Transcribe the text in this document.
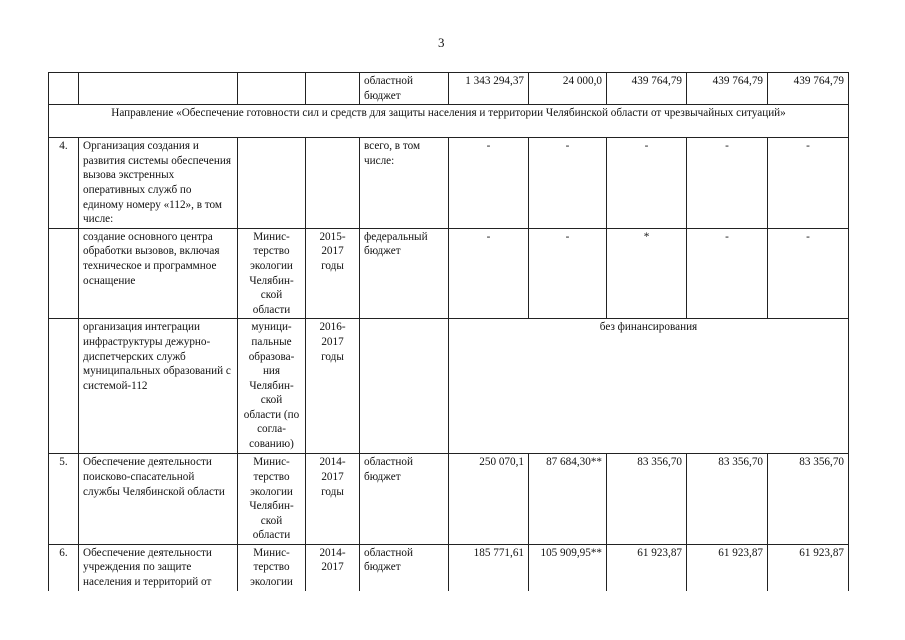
3
				областной бюджет	1 343 294,37	24 000,0	439 764,79	439 764,79	439 764,79
Направление «Обеспечение готовности сил и средств для защиты населения и территории Челябинской области от чрезвычайных ситуаций»									
4.	Организация создания и развития системы обеспечения вызова экстренных оперативных служб по единому номеру «112», в том числе:			всего, в том числе:	-	-	-	-	-
	создание основного центра обработки вызовов, включая техническое и программное оснащение	Минис-терство экологии Челябин-ской области	2015-2017 годы	федеральный бюджет	-	-	*	-	-
	организация интеграции инфраструктуры дежурно-диспетчерских служб муниципальных образований с системой-112	муници-пальные образова-ния Челябин-ской области (по согла-сованию)	2016-2017 годы		без финансирования				
5.	Обеспечение деятельности поисково-спасательной службы Челябинской области	Минис-терство экологии Челябин-ской области	2014-2017 годы	областной бюджет	250 070,1	87 684,30**	83 356,70	83 356,70	83 356,70
6.	Обеспечение деятельности учреждения по защите населения и территорий от	Минис-терство экологии	2014-2017	областной бюджет	185 771,61	105 909,95**	61 923,87	61 923,87	61 923,87
